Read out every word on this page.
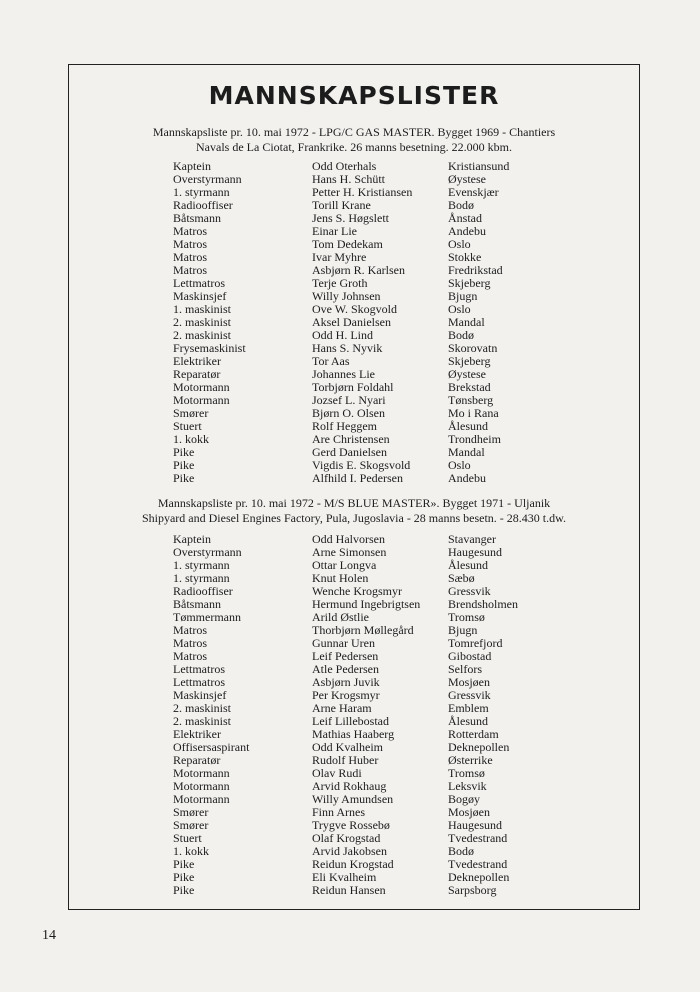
MANNSKAPSLISTER

Mannskapsliste pr. 10. mai 1972 - LPG/C GAS MASTER. Bygget 1969 - Chantiers
Navals de La Ciotat, Frankrike. 26 manns besetning. 22.000 kbm.

Kaptein	Odd Oterhals	Kristiansund
Overstyrmann	Hans H. Schütt	Øystese
1. styrmann	Petter H. Kristiansen	Evenskjær
Radiooffiser	Torill Krane	Bodø
Båtsmann	Jens S. Høgslett	Ånstad
Matros	Einar Lie	Andebu
Matros	Tom Dedekam	Oslo
Matros	Ivar Myhre	Stokke
Matros	Asbjørn R. Karlsen	Fredrikstad
Lettmatros	Terje Groth	Skjeberg
Maskinsjef	Willy Johnsen	Bjugn
1. maskinist	Ove W. Skogvold	Oslo
2. maskinist	Aksel Danielsen	Mandal
2. maskinist	Odd H. Lind	Bodø
Frysemaskinist	Hans S. Nyvik	Skorovatn
Elektriker	Tor Aas	Skjeberg
Reparatør	Johannes Lie	Øystese
Motormann	Torbjørn Foldahl	Brekstad
Motormann	Jozsef L. Nyari	Tønsberg
Smører	Bjørn O. Olsen	Mo i Rana
Stuert	Rolf Heggem	Ålesund
1. kokk	Are Christensen	Trondheim
Pike	Gerd Danielsen	Mandal
Pike	Vigdis E. Skogsvold	Oslo
Pike	Alfhild I. Pedersen	Andebu

Mannskapsliste pr. 10. mai 1972 - M/S BLUE MASTER». Bygget 1971 - Uljanik
Shipyard and Diesel Engines Factory, Pula, Jugoslavia - 28 manns besetn. - 28.430 t.dw.

Kaptein	Odd Halvorsen	Stavanger
Overstyrmann	Arne Simonsen	Haugesund
1. styrmann	Ottar Longva	Ålesund
1. styrmann	Knut Holen	Sæbø
Radiooffiser	Wenche Krogsmyr	Gressvik
Båtsmann	Hermund Ingebrigtsen	Brendsholmen
Tømmermann	Arild Østlie	Tromsø
Matros	Thorbjørn Møllegård	Bjugn
Matros	Gunnar Uren	Tomrefjord
Matros	Leif Pedersen	Gibostad
Lettmatros	Atle Pedersen	Selfors
Lettmatros	Asbjørn Juvik	Mosjøen
Maskinsjef	Per Krogsmyr	Gressvik
2. maskinist	Arne Haram	Emblem
2. maskinist	Leif Lillebostad	Ålesund
Elektriker	Mathias Haaberg	Rotterdam
Offisersaspirant	Odd Kvalheim	Deknepollen
Reparatør	Rudolf Huber	Østerrike
Motormann	Olav Rudi	Tromsø
Motormann	Arvid Rokhaug	Leksvik
Motormann	Willy Amundsen	Bogøy
Smører	Finn Arnes	Mosjøen
Smører	Trygve Rossebø	Haugesund
Stuert	Olaf Krogstad	Tvedestrand
1. kokk	Arvid Jakobsen	Bodø
Pike	Reidun Krogstad	Tvedestrand
Pike	Eli Kvalheim	Deknepollen
Pike	Reidun Hansen	Sarpsborg
14
